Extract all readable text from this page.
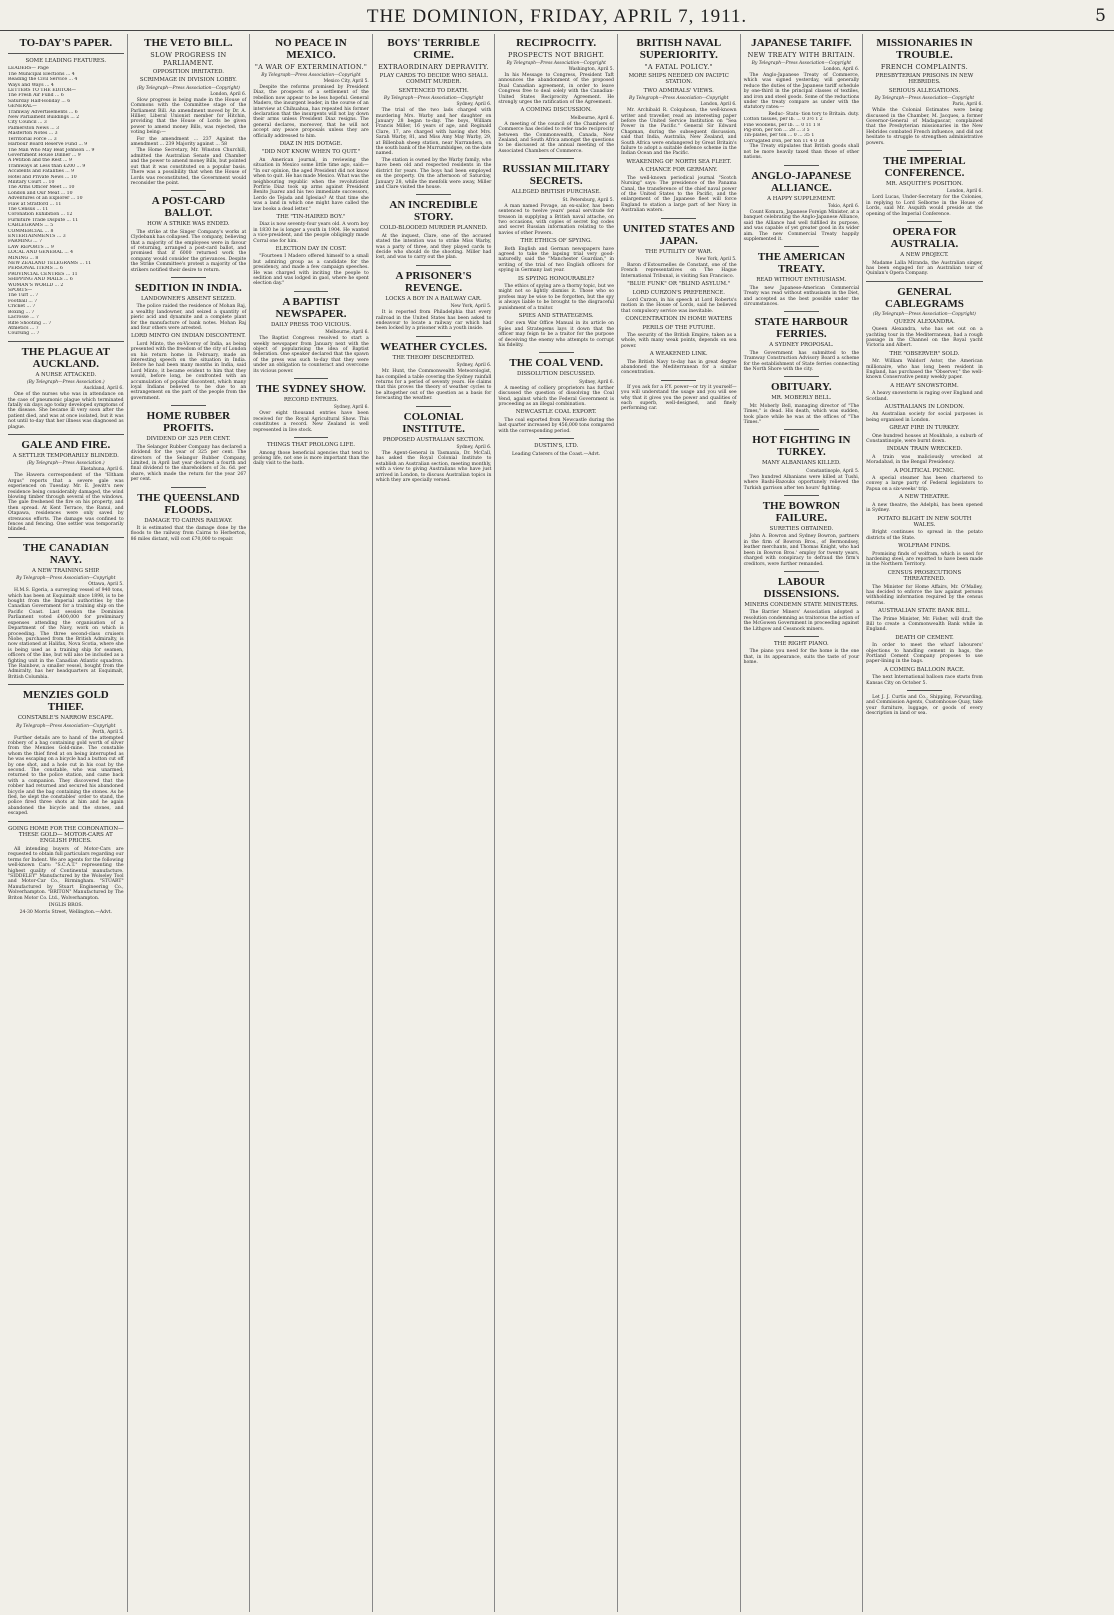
THE DOMINION, FRIDAY, APRIL 7, 1911.	5
TO-DAY'S PAPER.
SOME LEADING FEATURES.
LEADERS— Page
The Municipal Elections ... 4
Reading the Civil Service ... 4
Ways and Ways ... 4
LETTERS TO THE EDITOR—
The Fresh Air Fund ... 6
Saturday Half-Holiday ... 6
GENERAL—
Tramway Advertisements ... 6
New Parliament Buildings ... 2
City Council ... 3
Palmerston News ... 3
Masterton Notes ... 3
Territorial Force ... 3
Harbour Board Reserve Fund ... 9
The Man Who May Beat Johnson ... 9
Government House Dinner ... 9
A Petition and the Rest ... 9
Tramways at Less than £200 ... 9
Accidents and Fatalities ... 9
Hotel and Private News ... 10
Military Court ... 10
The Arms Officer Meet ... 10
London and Our Meat ... 10
Adventures of an Explorer ... 10
Flaw at Stratford ... 11
The Census ... 11
Coronation Exhibition ... 12
Furniture Trade Dispute ... 11
CABLEGRAMS ... 5
COMMERCIAL ... 8
ENTERTAINMENTS ... 3
FARMING ... 7
LAW REPORTS ... 9
LOCAL AND GENERAL ... 4
MINING ... 8
NEW ZEALAND TELEGRAMS ... 11
PERSONAL ITEMS ... 6
PROVINCIAL CENTRES ... 11
SHIPPING AND MAILS ... 6
WOMAN'S WORLD ... 2
SPORTS—
The Turf ... 7
Football ... 7
Cricket ... 7
Boxing ... 7
Lacrosse ... 7
Rifle Shooting ... 7
Athletics ... 7
Coursing ... 7
THE PLAGUE AT AUCKLAND.
A NURSE ATTACKED.
(By Telegraph—Press Association.)
Auckland, April 6.

One of the nurses who was in attendance on the case of pneumonic plague which terminated fatally six days ago today developed symptoms of the disease. She became ill very soon after the patient died, and was at once isolated, but it was not until to-day that her illness was diagnosed as plague.

GALE AND FIRE.
A SETTLER TEMPORARILY BLINDED.
(By Telegraph—Press Association.)
Eketahuna, April 6.

The Hawera correspondent of the "Eltham Argus" reports that a severe gale was experienced on Tuesday. Mr. E. Jewitt's new residence being considerably damaged, the wind blowing timber through several of the windows. The gale freshened the fire on his property, and then spread. At Kent Terrace, the Ranui, and Otapawa, residences were only saved by strenuous efforts. The damage was confined to fences and fencing. One settler was temporarily blinded.

THE CANADIAN NAVY.
A NEW TRAINING SHIP.
By Telegraph—Press Association—Copyright
Ottawa, April 5.

H.M.S. Egeria, a surveying vessel of 940 tons, which has been at Esquimalt since 1898, is to be bought from the Imperial authorities by the Canadian Government for a training ship on the Pacific Coast. Last session the Dominion Parliament voted £400,000 for preliminary expenses attending the organisation of a Department of the Navy, work on which is proceeding. The three second-class cruisers Niobe, purchased from the British Admiralty, is now stationed at Halifax, Nova Scotia, where she is being used as a training ship for seamen, officers of the line, but will also be included as a fighting unit in the Canadian Atlantic squadron. The Rainbow, a smaller vessel, bought from the Admiralty, has her headquarters at Esquimalt, British Columbia.

MENZIES GOLD THIEF.
CONSTABLE'S NARROW ESCAPE.
By Telegraph—Press Association—Copyright
Perth, April 5.

Further details are to hand of the attempted robbery of a bag containing gold worth of silver from the Menzies Gold-mine. The constable whom the thief fired at on being interrupted as he was escaping on a bicycle had a button cut off by one shot, and a hole cut in his coat by the second. The constable, who was unarmed, returned to the police station, and came back with a companion. They discovered that the robber had returned and secured his abandoned bicycle and the bag containing the stones. As he fled, he slept the constables' order to stand, the police fired three shots at him and he again abandoned the bicycle and the stones, and escaped.

GOING HOME FOR THE CORONATION—THESE GOLD— MOTOR-CARS AT ENGLISH PRICES.

All intending buyers of Motor-Cars are requested to obtain full particulars regarding our terms for Indent. We are agents for the following well-known Cars: "S.C.A.T." representing the highest quality of Continental manufacture. "SIDDELEY" Manufactured by the Wolseley Tool and Motor-Car Co., Birmingham. "STUART" Manufactured by Stuart Engineering Co., Wolverhampton. "BRITON" Manufactured by The Briton Motor Co. Ltd., Wolverhampton.

INGLIS BROS.
24-30 Morris Street, Wellington.—Advt.
THE VETO BILL.
SLOW PROGRESS IN PARLIAMENT.
OPPOSITION IRRITATED.
SCRIMMAGE IN DIVISION LOBBY.
(By Telegraph—Press Association—Copyright)
London, April 6.

Slow progress is being made in the House of Commons with the Committee stage of the Parliament Bill. An amendment moved by Dr. A. Hillier, Liberal Unionist member for Hitchin, providing that the House of Lords be given power to amend money Bills, was rejected, the voting being:—

For the amendment ... 237 Against the amendment ... 239 Majority against ... 58

The Home Secretary, Mr. Winston Churchill, admitted the Australian Senate and Chamber and the power to amend money Bills, but pointed out that it was constituted on a popular basis. There was a possibility that when the House of Lords was reconstituted, the Government would reconsider the point.

A POST-CARD BALLOT.
HOW A STRIKE WAS ENDED.

The strike at the Singer Company's works at Clydebank has collapsed. The company, believing that a majority of the employees were in favour of returning, arranged a post-card ballot, and promised that if 6000 returned work the company would consider the grievances. Despite the Strike Committee's protest a majority of the strikers notified their desire to return.

SEDITION IN INDIA.
LANDOWNER'S ABSENT SEIZED.

The police raided the residence of Mohan Raj, a wealthy landowner, and seized a quantity of pieric acid and dynamite and a complete plant for the manufacture of bank notes. Mohan Raj and four others were arrested.

LORD MINTO ON INDIAN DISCONTENT.

Lord Minto, the ex-Viceroy of India, as being presented with the freedom of the city of London on his return home in February, made an interesting speech on the situation in India. Before he had been many months in India, said Lord Minto, it became evident to him that they would, before long, be confronted with an accumulation of popular discontent, which many loyal Indians believed to be due to an estrangement on the part of the people from the government.

HOME RUBBER PROFITS.
DIVIDEND OF 325 PER CENT.

The Selangor Rubber Company has declared a dividend for the year of 325 per cent. The directors of the Selangor Rubber Company, Limited, in April last year declared a fourth and final dividend to the shareholders of 3s. 6d. per share, which made the return for the year 267 per cent.

THE QUEENSLAND FLOODS.
DAMAGE TO CAIRNS RAILWAY.

It is estimated that the damage done by the floods to the railway from Cairns to Herberton, 86 miles distant, will cost £70,000 to repair.

NO PEACE IN MEXICO.
"A WAR OF EXTERMINATION."
By Telegraph—Press Association—Copyright
Mexico City, April 5.

Despite the reforms promised by President Diaz, the prospects of a settlement of the rebellion now appear to be less hopeful. General Madero, the insurgent leader, in the course of an interview at Chihuahua, has repeated his former declaration that the insurgents will not lay down their arms unless President Diaz resigns. The general declares, moreover, that he will not accept any peace proposals unless they are officially addressed to him.

DIAZ IN HIS DOTAGE.
"DID NOT KNOW WHEN TO QUIT."

An American journal, in reviewing the situation in Mexico some little time ago, said:— "In our opinion, the aged President did not know when to quit. He has made Mexico. What was the neighbouring republic when the revolutionist Porfirio Diaz took up arms against President Benito Juarez and his two immediate successors, Lerdo de Tejada and Iglesias? At that time she was a land in which one might have called the law books a dead letter."

THE "TIN-HAIRED BOY."

Diaz is now seventy-four years old. A worn boy in 1830 he is longer a youth in 1904. He wanted a vice-president, and the people obligingly made Corral one for him.

ELECTION DAY IN COST.

"Fourteen I Madero offered himself to a small but admiring group as a candidate for the presidency, and made a few campaign speeches. He was charged with inciting the people to sedition and was lodged in gaol, where he spent election day."

A BAPTIST NEWSPAPER.
DAILY PRESS TOO VICIOUS.
Melbourne, April 6.

The Baptist Congress resolved to start a weekly newspaper from January next with the object of popularising the idea of Baptist federation. One speaker declared that the spawn of the press was such to-day that they were under an obligation to counteract and overcome its vicious power.

THE SYDNEY SHOW.
RECORD ENTRIES.
Sydney, April 6.

Over eight thousand entries have been received for the Royal Agricultural Show. This constitutes a record. New Zealand is well represented in live stock.

THINGS THAT PROLONG LIFE.

Among those beneficial agencies that tend to prolong life, not one is more important than the daily visit to the bath.

BOYS' TERRIBLE CRIME.
EXTRAORDINARY DEPRAVITY.
PLAY CARDS TO DECIDE WHO SHALL COMMIT MURDER.
SENTENCED TO DEATH.
By Telegraph—Press Association—Copyright
Sydney, April 6.

The trial of the two lads charged with murdering Mrs. Warby and her daughter on January 28 began to-day. The boys, William Francis Miller, 16 years of age, and Reginald Clare, 17, are charged with having shot Mrs. Sarah Warby, 81, and Miss Amy May Warby, 29, at Billenbah sheep station, near Narrandera, on the south bank of the Murrumbidgee, on the date named.

The station is owned by the Warby family, who have been old and respected residents in the district for years. The boys had been employed on the property. On the afternoon of Saturday, January 28, while the menfolk were away, Miller and Clare visited the house.

AN INCREDIBLE STORY.
COLD-BLOODED MURDER PLANNED.

At the inquest, Clare, one of the accused stated the intention was to strike Miss Warby, was a party of three, and they played cards to decide who should do the shooting. Miller had lost, and was to carry out the plan.

A PRISONER'S REVENGE.
LOCKS A BOY IN A RAILWAY CAR.
New York, April 5.

It is reported from Philadelphia that every railroad in the United States has been asked to endeavour to locate a railway car which had been locked by a prisoner with a youth inside.

WEATHER CYCLES.
THE THEORY DISCREDITED.
Sydney, April 6.

Mr. Hunt, the Commonwealth Meteorologist, has compiled a table covering the Sydney rainfall returns for a period of seventy years. He claims that this proves the theory of weather cycles to be altogether out of the question as a basis for forecasting the weather.

COLONIAL INSTITUTE.
PROPOSED AUSTRALIAN SECTION.
Sydney, April 6.

The Agent-General in Tasmania, Dr. McCall, has asked the Royal Colonial Institute to establish an Australian section, meeting monthly, with a view to giving Australians who have just arrived in London, to discuss Australian topics in which they are specially versed.

RECIPROCITY.
PROSPECTS NOT BRIGHT.
By Telegraph—Press Association—Copyright
Washington, April 5.

In his Message to Congress, President Taft announces the abandonment of the proposed Dual Canadian agreement, in order to leave Congress free to deal solely with the Canadian-United States Reciprocity Agreement. He strongly urges the ratification of the Agreement.

A COMING DISCUSSION.
Melbourne, April 6.

A meeting of the council of the Chambers of Commerce has decided to refer trade reciprocity between the Commonwealth, Canada, New Zealand, and South Africa amongst the questions to be discussed at the annual meeting of the Associated Chambers of Commerce.

RUSSIAN MILITARY SECRETS.
ALLEGED BRITISH PURCHASE.
St. Petersburg, April 5.

A man named Povage, an ex-sailor, has been sentenced to twelve years' penal servitude for treason in supplying a British naval attache, on two occasions, with copies of secret fog codes and secret Russian information relating to the navies of other Powers.

THE ETHICS OF SPYING.

Both English and German newspapers have agreed to take the lapsing trial very good-naturedly, said the "Manchester Guardian," in writing of the trial of two English officers for spying in Germany last year.

IS SPYING HONOURABLE?

The ethics of spying are a thorny topic, but we might not so lightly dismiss it. Those who so profess may be wise to be forgotten, but the spy is always liable to be brought to the disgraceful punishment of a traitor.

SPIES AND STRATEGEMS.

Our own War Office Manual in its article on Spies and Strategems lays it down that the officer may feign to be a traitor for the purpose of deceiving the enemy who attempts to corrupt his fidelity.

THE COAL VEND.
DISSOLUTION DISCUSSED.
Sydney, April 6.

A meeting of colliery proprietors has further discussed the question of dissolving the Coal Vend, against which the Federal Government is proceeding as an illegal combination.

NEWCASTLE COAL EXPORT.

The coal exported from Newcastle during the last quarter increased by 456,000 tons compared with the corresponding period.

DUSTIN'S, LTD.
Leading Caterers of the Coast.—Advt.
BRITISH NAVAL SUPERIORITY.
"A FATAL POLICY."
MORE SHIPS NEEDED ON PACIFIC STATION.
TWO ADMIRALS' VIEWS.
By Telegraph—Press Association—Copyright
London, April 6.

Mr. Archibald R. Colquhoun, the well-known writer and traveller, read an interesting paper before the United Service Institution on "Sea Power in the Pacific." General Sir Edward Chapman, during the subsequent discussion, said that India, Australia, New Zealand, and South Africa were endangered by Great Britain's failure to adopt a suitable defence scheme in the Indian Ocean and the Pacific.

WEAKENING OF NORTH SEA FLEET.
A CHANCE FOR GERMANY.

The well-known periodical journal "Scotch Nursing" says: The presidence of the Panama Canal, the transference of the chief naval power of the United States to the Pacific, and the enlargement of the Japanese fleet will force England to station a large part of her Navy in Australian waters.

UNITED STATES AND JAPAN.
THE FUTILITY OF WAR.
New York, April 5.

Baron d'Estournelles de Constant, one of the French representatives on The Hague International Tribunal, is visiting San Francisco.

"BLUE FUNK" OR "BLIND ASYLUM."
LORD CURZON'S PREFERENCE.

Lord Curzon, in his speech at Lord Roberts's motion in the House of Lords, said he believed that compulsory service was inevitable.

CONCENTRATION IN HOME WATERS
PERILS OF THE FUTURE.

The security of the British Empire, taken as a whole, with many weak points, depends on sea power.

A WEAKENED LINK.

The British Navy to-day has in great degree abandoned the Mediterranean for a similar concentration.

If you ask for a P.Y. power—or try it yourself—you will understand the usage and you will see why that it gives you the power and qualities of each superb, well-designed, and finely performing car.

JAPANESE TARIFF.
NEW TREATY WITH BRITAIN.
By Telegraph—Press Association—Copyright
London, April 6.

The Anglo-Japanese Treaty of Commerce, which was signed yesterday, will generally reduce the duties of the Japanese tariff schedule by one-third in the principal classes of textiles, and iron and steel goods. Some of the reductions under the treaty compare as under with the statutory rates:—

Reduc- Statu- tion tory to Britain. duty.
Cotton tissues, per lb. ... 0 3½ 1 2
Fine woollens, per lb. ... 0 11 1 8
Pig-iron, per ton ... 28 ... 3 5
Tin-plates, per ton ... 0 ... 35 1
Corrugated iron, per ton 11 4 0 38

The Treaty stipulates that British goods shall not be more heavily taxed than those of other nations.

ANGLO-JAPANESE ALLIANCE.
A HAPPY SUPPLEMENT.
Tokio, April 6.

Count Komura, Japanese Foreign Minister, at a banquet celebrating the Anglo-Japanese Alliance, said the Alliance had well fulfilled its purpose, and was capable of yet greater good in its wider aim. The new Commercial Treaty happily supplemented it.

THE AMERICAN TREATY.
READ WITHOUT ENTHUSIASM.

The new Japanese-American Commercial Treaty was read without enthusiasm in the Diet, and accepted as the best possible under the circumstances.

STATE HARBOUR FERRIES.
A SYDNEY PROPOSAL.

The Government has submitted to the Tramway Construction Advisory Board a scheme for the establishment of State ferries connecting the North Shore with the city.

OBITUARY.
MR. MOBERLY BELL.

Mr. Moberly Bell, managing director of "The Times," is dead. His death, which was sudden, took place while he was at the offices of "The Times."

HOT FIGHTING IN TURKEY.
MANY ALBANIANS KILLED.
Constantinople, April 5.

Two hundred Albanians were killed at Tushi, where Bashi-Bazouks opportunely relieved the Turkish garrison after ten hours' fighting.

THE BOWRON FAILURE.
SURETIES OBTAINED.

John A. Bowron and Sydney Bowron, partners in the firm of Bowron Bros., of Bermondsey, leather merchants, and Thomas Knight, who had been in Bowron Bros.' employ for twenty years, charged with conspiracy to defraud the firm's creditors, were further remanded.

LABOUR DISSENSIONS.
MINERS CONDEMN STATE MINISTERS.

The Barrier Miners' Association adopted a resolution condemning as traitorous the action of the McGowen Government in proceeding against the Lithgow and Cessnock miners.

THE RIGHT PIANO.

The piano you need for the home is the one that, in its appearance, suits the taste of your home.

MISSIONARIES IN TROUBLE.
FRENCH COMPLAINTS.
PRESBYTERIAN PRISONS IN NEW HEBRIDES.
SERIOUS ALLEGATIONS.
By Telegraph—Press Association—Copyright
Paris, April 6.

While the Colonial Estimates were being discussed in the Chamber, M. Jacques, a former Governor-General of Madagascar, complained that the Presbyterian missionaries in the New Hebrides combated French influence, and did not hesitate to struggle to strengthen administrative powers.

THE IMPERIAL CONFERENCE.
MR. ASQUITH'S POSITION.
London, April 6.

Lord Lucas, Under-Secretary for the Colonies, in replying to Lord Selborne in the House of Lords, said Mr. Asquith would preside at the opening of the Imperial Conference.

OPERA FOR AUSTRALIA.
A NEW PROJECT.

Madame Lalla Miranda, the Australian singer, has been engaged for an Australian tour of Quinlan's Opera Company.

GENERAL CABLEGRAMS
(By Telegraph—Press Association—Copyright)
QUEEN ALEXANDRA.

Queen Alexandra, who has set out on a yachting tour in the Mediterranean, had a rough passage in the Channel on the Royal yacht Victoria and Albert.

THE "OBSERVER" SOLD.

Mr. William Waldorf Astor, the American millionaire, who has long been resident in England, has purchased the "Observer," the well-known Conservative penny weekly paper.

A HEAVY SNOWSTORM.

A heavy snowstorm is raging over England and Scotland.

AUSTRALIANS IN LONDON.

An Australian society for social purposes is being organised in London.

GREAT FIRE IN TURKEY.

One hundred houses at Moukhalo, a suburb of Constantinople, were burnt down.

INDIAN TRAIN WRECKED.

A train was maliciously wrecked at Moradabad, in the Bengal Presidency.

A POLITICAL PICNIC.

A special steamer has been chartered to convey a large party of Federal legislators to Papua on a six-weeks' trip.

A NEW THEATRE.

A new theatre, the Adelphi, has been opened in Sydney.

POTATO BLIGHT IN NEW SOUTH WALES.

Bright continues to spread in the potato districts of the State.

WOLFRAM FINDS.

Promising finds of wolfram, which is used for hardening steel, are reported to have been made in the Northern Territory.

CENSUS PROSECUTIONS THREATENED.

The Minister for Home Affairs, Mr. O'Malley, has decided to enforce the law against persons withholding information required by the census returns.

AUSTRALIAN STATE BANK BILL.

The Prime Minister, Mr. Fisher, will draft the Bill to create a Commonwealth Bank while in England.

DEATH OF CEMENT.

In order to meet the wharf labourers' objections to handling cement in bags, the Portland Cement Company proposes to use paper-lining in the bags.

A COMING BALLOON RACE.

The next International balloon race starts from Kansas City on October 5.

Let J. J. Curtis and Co., Shipping, Forwarding, and Commission Agents, Customhouse Quay, take your furniture, luggage, or goods of every description in land or sea.
